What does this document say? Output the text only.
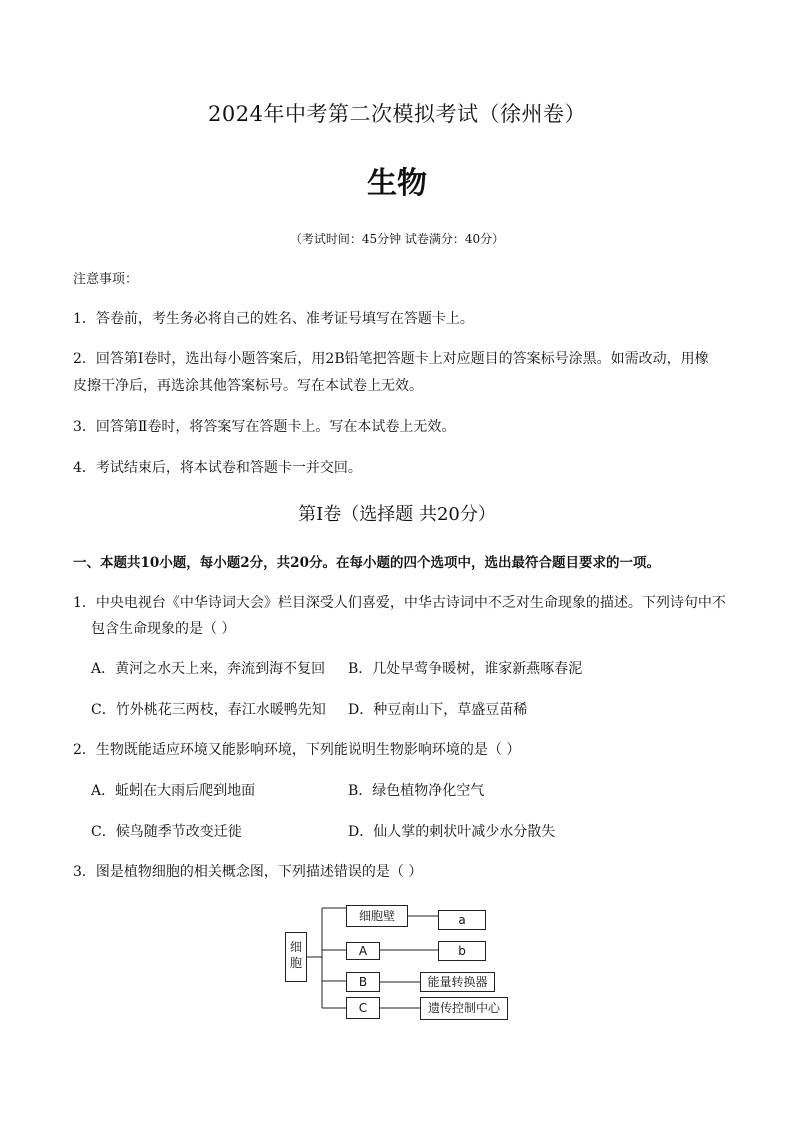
2024年中考第二次模拟考试（徐州卷）
生物
（考试时间：45分钟 试卷满分：40分）
注意事项：
1．答卷前，考生务必将自己的姓名、准考证号填写在答题卡上。
2．回答第Ⅰ卷时，选出每小题答案后，用2B铅笔把答题卡上对应题目的答案标号涂黑。如需改动，用橡
皮擦干净后，再选涂其他答案标号。写在本试卷上无效。
3．回答第Ⅱ卷时，将答案写在答题卡上。写在本试卷上无效。
4．考试结束后，将本试卷和答题卡一并交回。
第Ⅰ卷（选择题 共20分）
一、本题共10小题，每小题2分，共20分。在每小题的四个选项中，选出最符合题目要求的一项。
1．中央电视台《中华诗词大会》栏目深受人们喜爱，中华古诗词中不乏对生命现象的描述。下列诗句中不
包含生命现象的是（ ）
A．黄河之水天上来，奔流到海不复回 B．几处早莺争暖树，谁家新燕啄春泥
C．竹外桃花三两枝，春江水暖鸭先知 D．种豆南山下，草盛豆苗稀
2．生物既能适应环境又能影响环境，下列能说明生物影响环境的是（ ）
A．蚯蚓在大雨后爬到地面	B．绿色植物净化空气
C．候鸟随季节改变迁徙	D．仙人掌的刺状叶减少水分散失
3．图是植物细胞的相关概念图，下列描述错误的是（ ）
细
胞
细胞壁
A
B
C
a
b
能量转换器
遗传控制中心
